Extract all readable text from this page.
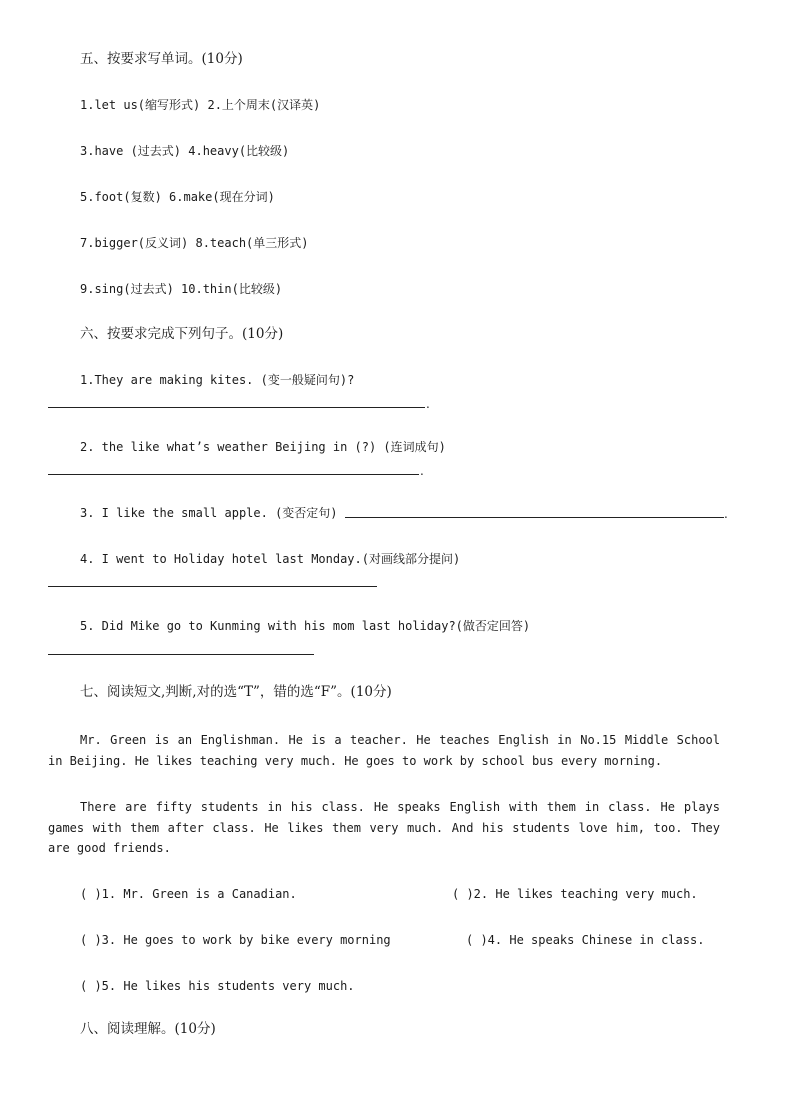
五、按要求写单词。(10分)
1.let us(缩写形式) 2.上个周末(汉译英)
3.have (过去式) 4.heavy(比较级)
5.foot(复数) 6.make(现在分词)
7.bigger(反义词) 8.teach(单三形式)
9.sing(过去式) 10.thin(比较级)
六、按要求完成下列句子。(10分)
1.They are making kites. (变一般疑问句)?
.
2. the like what’s weather Beijing in (?) (连词成句)
.
3. I like the small apple. (变否定句)	.
4. I went to Holiday hotel last Monday.(对画线部分提问)
5. Did Mike go to Kunming with his mom last holiday?(做否定回答)
七、阅读短文,判断,对的选“T”，错的选“F”。(10分)
Mr. Green is an Englishman. He is a teacher. He teaches English in No.15 Middle School in Beijing. He likes teaching very much. He goes to work by school bus every morning.
There are fifty students in his class. He speaks English with them in class. He plays games with them after class. He likes them very much. And his students love him, too. They are good friends.
( )1. Mr. Green is a Canadian.	( )2. He likes teaching very much.
( )3. He goes to work by bike every morning	( )4. He speaks Chinese in class.
( )5. He likes his students very much.
八、阅读理解。(10分)
